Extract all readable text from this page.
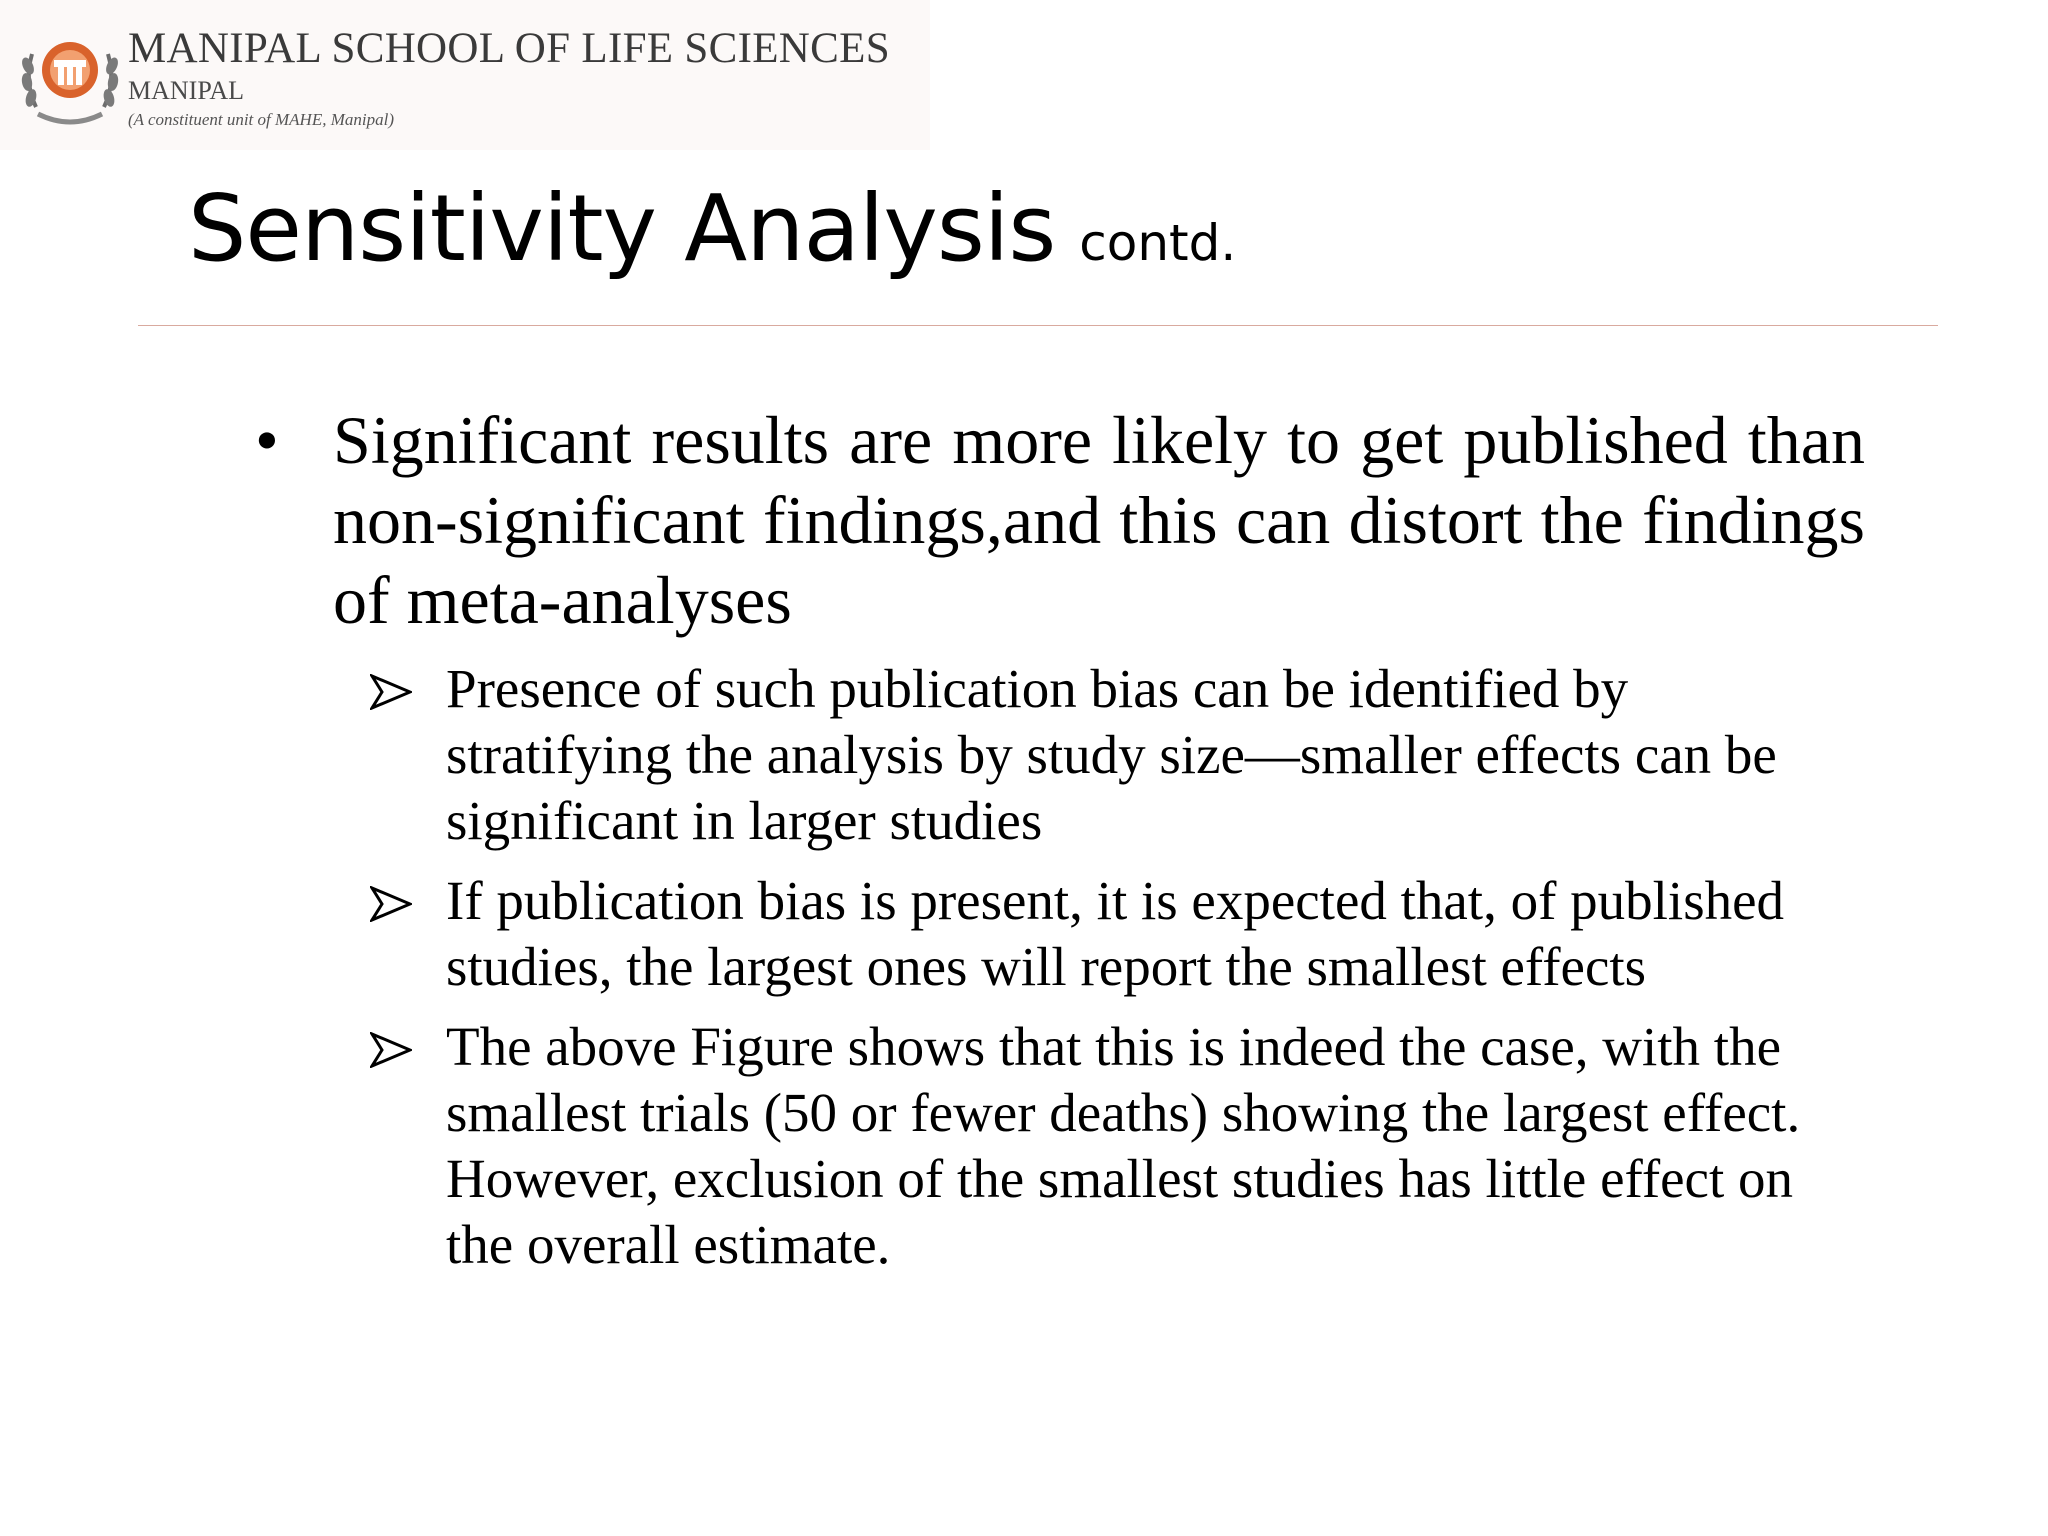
MANIPAL SCHOOL OF LIFE SCIENCES
MANIPAL
(A constituent unit of MAHE, Manipal)
Sensitivity Analysis contd.
• Significant results are more likely to get published than non-significant findings,and this can distort the findings of meta-analyses
Presence of such publication bias can be identified by stratifying the analysis by study size—smaller effects can be significant in larger studies
If publication bias is present, it is expected that, of published studies, the largest ones will report the smallest effects
The above Figure shows that this is indeed the case, with the smallest trials (50 or fewer deaths) showing the largest effect. However, exclusion of the smallest studies has little effect on the overall estimate.
